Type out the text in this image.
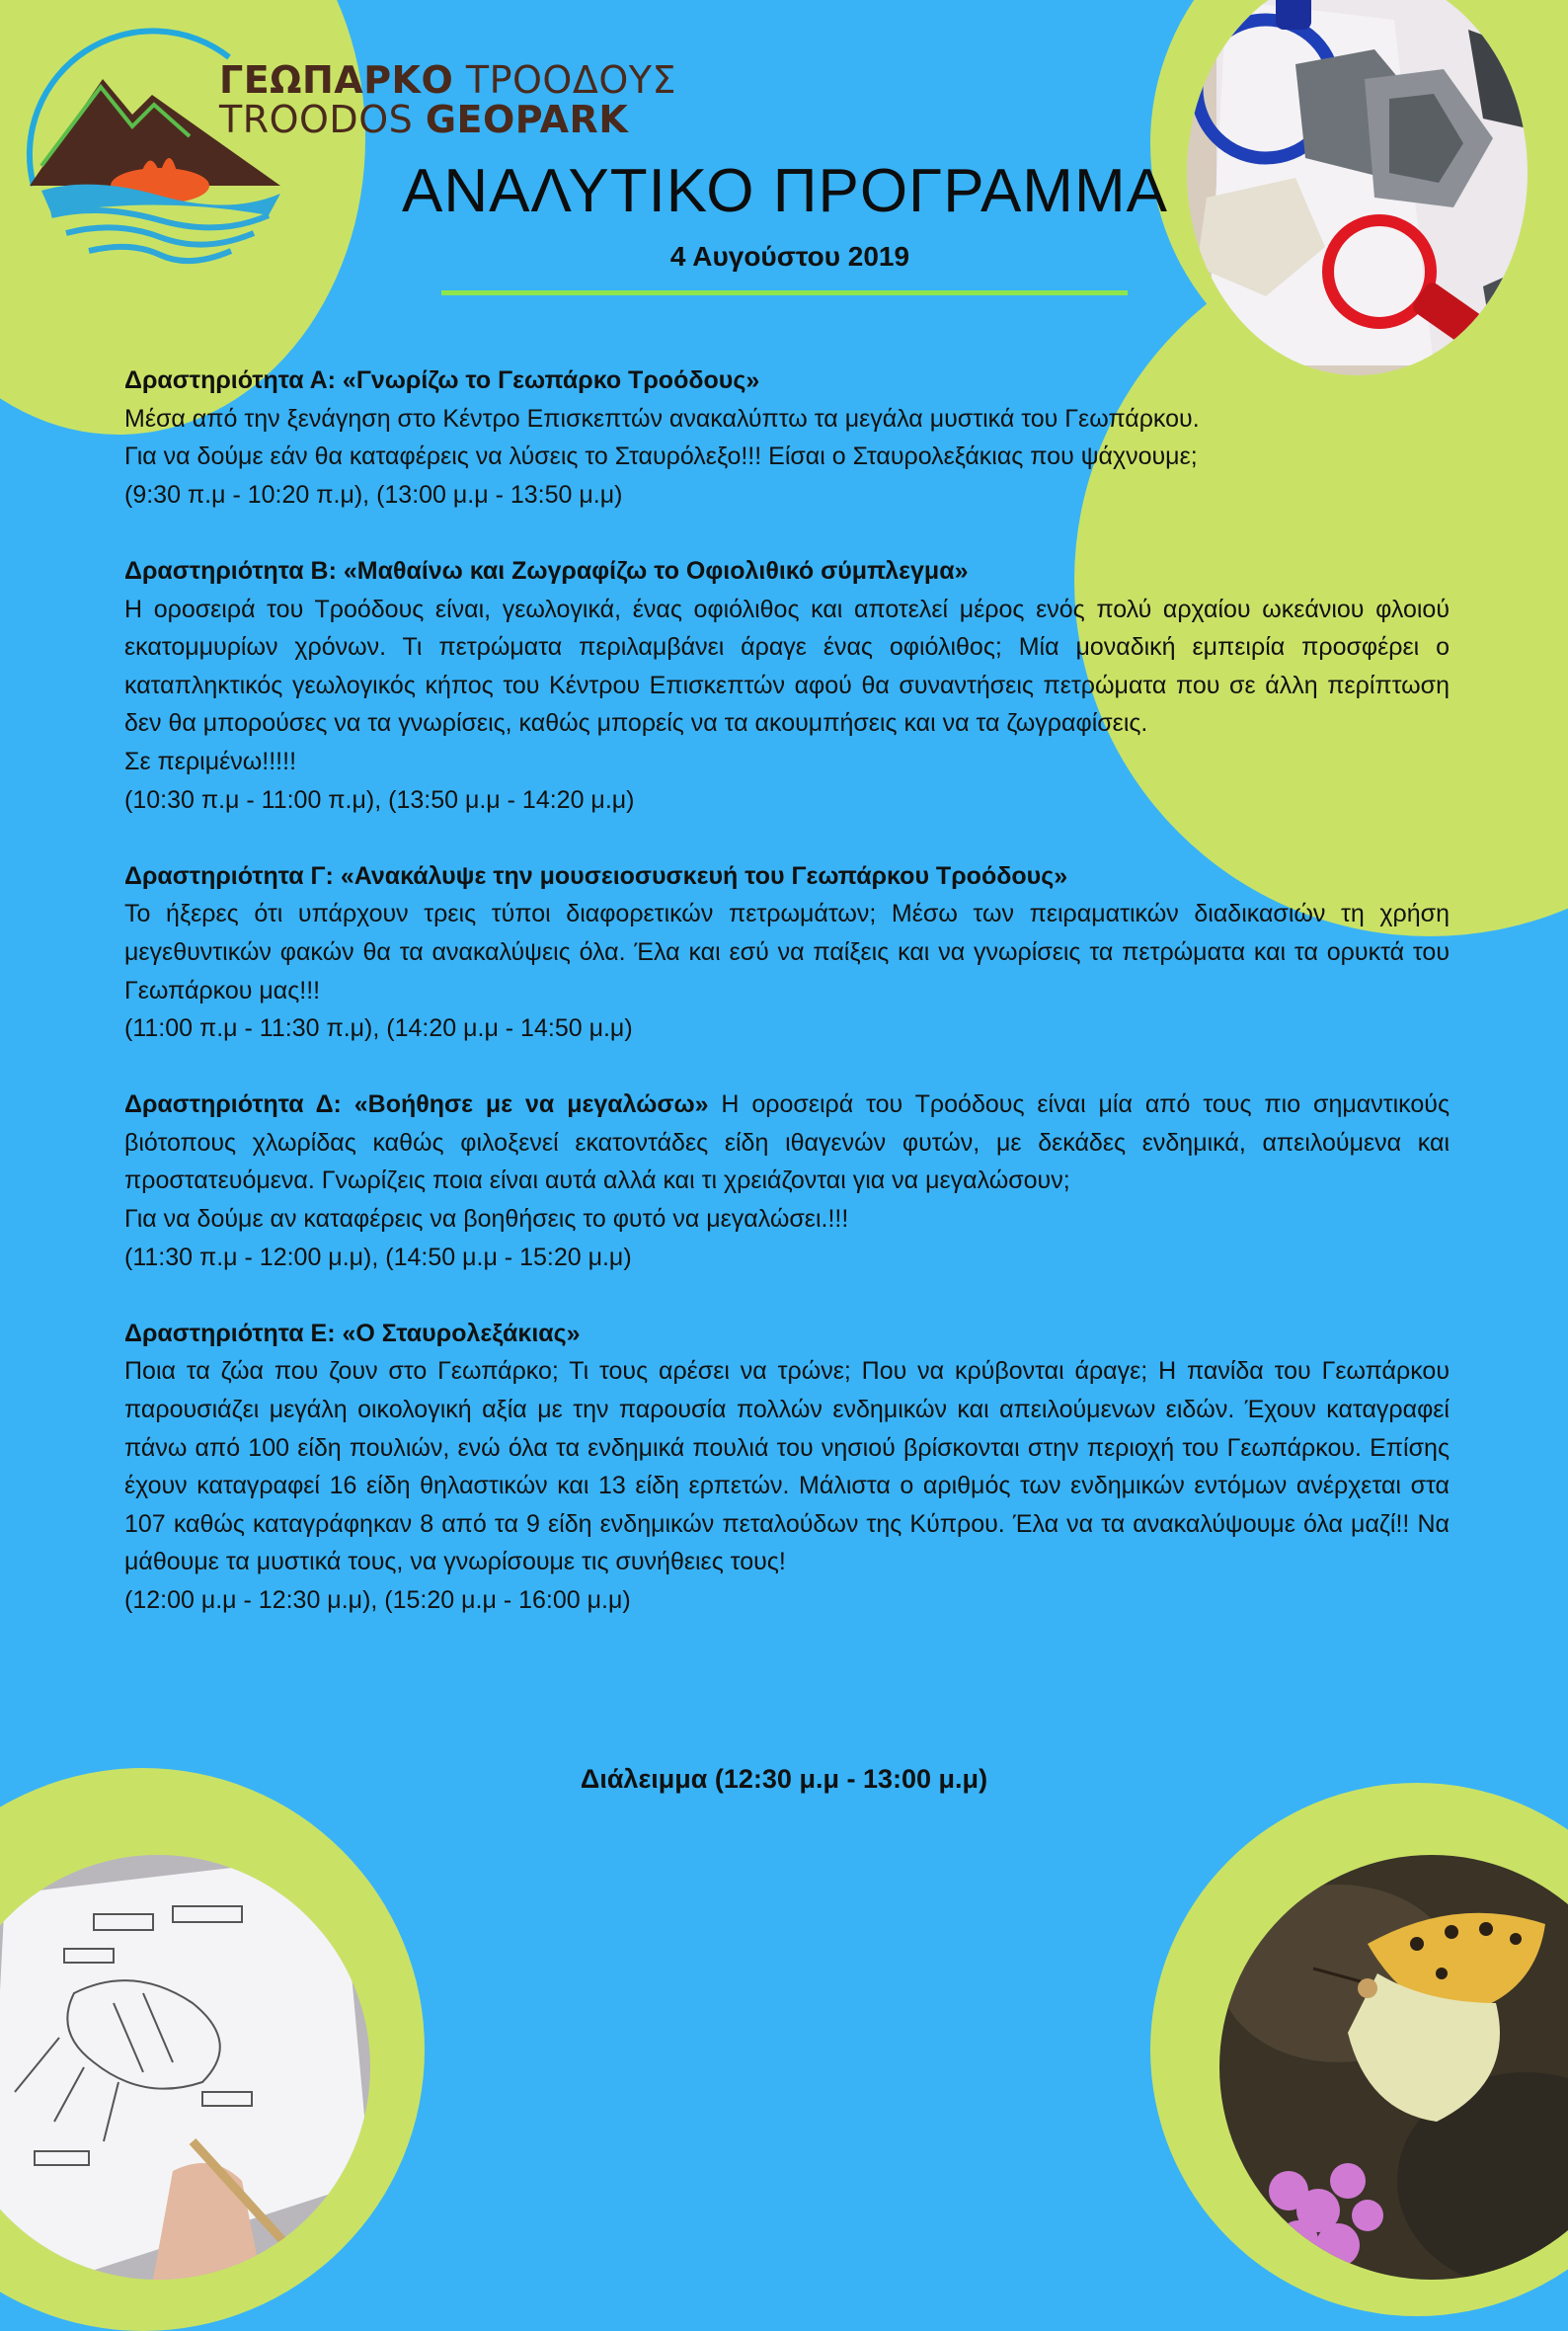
ΓΕΩΠΑΡΚΟ ΤΡΟΟΔΟΥΣ
TROODOS GEOPARK
ΑΝΑΛΥΤΙΚΟ ΠΡΟΓΡΑΜΜΑ
4 Αυγούστου 2019

Δραστηριότητα Α: «Γνωρίζω το Γεωπάρκο Τροόδους»

Μέσα από την ξενάγηση στο Κέντρο Επισκεπτών ανακαλύπτω τα μεγάλα μυστικά του Γεωπάρκου.

Για να δούμε εάν θα καταφέρεις να λύσεις το Σταυρόλεξο!!! Είσαι ο Σταυρολεξάκιας που ψάχνουμε;

(9:30 π.μ - 10:20 π.μ), (13:00 μ.μ - 13:50 μ.μ)

Δραστηριότητα Β: «Μαθαίνω και Ζωγραφίζω το Οφιολιθικό σύμπλεγμα»

Η οροσειρά του Τροόδους είναι, γεωλογικά, ένας οφιόλιθος και αποτελεί μέρος ενός πολύ αρχαίου ωκεάνιου φλοιού εκατομμυρίων χρόνων. Τι πετρώματα περιλαμβάνει άραγε ένας οφιόλιθος; Μία μοναδική εμπειρία προσφέρει ο καταπληκτικός γεωλογικός κήπος του Κέντρου Επισκεπτών αφού θα συναντήσεις πετρώματα που σε άλλη περίπτωση δεν θα μπορούσες να τα γνωρίσεις, καθώς μπορείς να τα ακουμπήσεις και να τα ζωγραφίσεις.

Σε περιμένω!!!!!

(10:30 π.μ - 11:00 π.μ), (13:50 μ.μ - 14:20 μ.μ)

Δραστηριότητα Γ: «Ανακάλυψε την μουσειοσυσκευή του Γεωπάρκου Τροόδους»

Το ήξερες ότι υπάρχουν τρεις τύποι διαφορετικών πετρωμάτων; Μέσω των πειραματικών διαδικασιών τη χρήση μεγεθυντικών φακών θα τα ανακαλύψεις όλα. Έλα και εσύ να παίξεις και να γνωρίσεις τα πετρώματα και τα ορυκτά του Γεωπάρκου μας!!!

(11:00 π.μ - 11:30 π.μ), (14:20 μ.μ - 14:50 μ.μ)

Δραστηριότητα Δ: «Βοήθησε με να μεγαλώσω» Η οροσειρά του Τροόδους είναι μία από τους πιο σημαντικούς βιότοπους χλωρίδας καθώς φιλοξενεί εκατοντάδες είδη ιθαγενών φυτών, με δεκάδες ενδημικά, απειλούμενα και προστατευόμενα. Γνωρίζεις ποια είναι αυτά αλλά και τι χρειάζονται για να μεγαλώσουν;

Για να δούμε αν καταφέρεις να βοηθήσεις το φυτό να μεγαλώσει.!!!

(11:30 π.μ - 12:00 μ.μ), (14:50 μ.μ - 15:20 μ.μ)

Δραστηριότητα Ε: «Ο Σταυρολεξάκιας»

Ποια τα ζώα που ζουν στο Γεωπάρκο; Τι τους αρέσει να τρώνε; Που να κρύβονται άραγε; Η πανίδα του Γεωπάρκου παρουσιάζει μεγάλη οικολογική αξία με την παρουσία πολλών ενδημικών και απειλούμενων ειδών. Έχουν καταγραφεί πάνω από 100 είδη πουλιών, ενώ όλα τα ενδημικά πουλιά του νησιού βρίσκονται στην περιοχή του Γεωπάρκου. Επίσης έχουν καταγραφεί 16 είδη θηλαστικών και 13 είδη ερπετών. Μάλιστα ο αριθμός των ενδημικών εντόμων ανέρχεται στα 107 καθώς καταγράφηκαν 8 από τα 9 είδη ενδημικών πεταλούδων της Κύπρου. Έλα να τα ανακαλύψουμε όλα μαζί!! Να μάθουμε τα μυστικά τους, να γνωρίσουμε τις συνήθειες τους!

(12:00 μ.μ - 12:30 μ.μ), (15:20 μ.μ - 16:00 μ.μ)

Διάλειμμα (12:30 μ.μ - 13:00 μ.μ)
